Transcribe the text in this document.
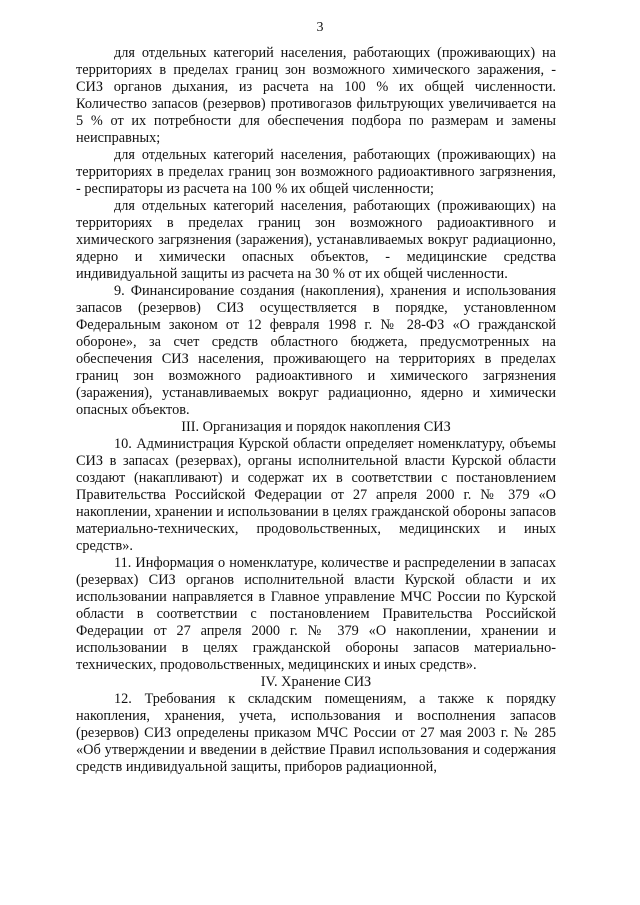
3

для отдельных категорий населения, работающих (проживающих) на территориях в пределах границ зон возможного химического заражения, - СИЗ органов дыхания, из расчета на 100 % их общей численности. Количество запасов (резервов) противогазов фильтрующих увеличивается на 5 % от их потребности для обеспечения подбора по размерам и замены неисправных;

для отдельных категорий населения, работающих (проживающих) на территориях в пределах границ зон возможного радиоактивного загрязнения, - респираторы из расчета на 100 % их общей численности;

для отдельных категорий населения, работающих (проживающих) на территориях в пределах границ зон возможного радиоактивного и химического загрязнения (заражения), устанавливаемых вокруг радиационно, ядерно и химически опасных объектов, - медицинские средства индивидуальной защиты из расчета на 30 % от их общей численности.

9. Финансирование создания (накопления), хранения и использования запасов (резервов) СИЗ осуществляется в порядке, установленном Федеральным законом от 12 февраля 1998 г. № 28-ФЗ «О гражданской обороне», за счет средств областного бюджета, предусмотренных на обеспечения СИЗ населения, проживающего на территориях в пределах границ зон возможного радиоактивного и химического загрязнения (заражения), устанавливаемых вокруг радиационно, ядерно и химически опасных объектов.

III. Организация и порядок накопления СИЗ

10. Администрация Курской области определяет номенклатуру, объемы СИЗ в запасах (резервах), органы исполнительной власти Курской области создают (накапливают) и содержат их в соответствии с постановлением Правительства Российской Федерации от 27 апреля 2000 г. № 379 «О накоплении, хранении и использовании в целях гражданской обороны запасов материально-технических, продовольственных, медицинских и иных средств».

11. Информация о номенклатуре, количестве и распределении в запасах (резервах) СИЗ органов исполнительной власти Курской области и их использовании направляется в Главное управление МЧС России по Курской области в соответствии с постановлением Правительства Российской Федерации от 27 апреля 2000 г. № 379 «О накоплении, хранении и использовании в целях гражданской обороны запасов материально- технических, продовольственных, медицинских и иных средств».

IV. Хранение СИЗ

12. Требования к складским помещениям, а также к порядку накопления, хранения, учета, использования и восполнения запасов (резервов) СИЗ определены приказом МЧС России от 27 мая 2003 г. № 285 «Об утверждении и введении в действие Правил использования и содержания средств индивидуальной защиты, приборов радиационной,
